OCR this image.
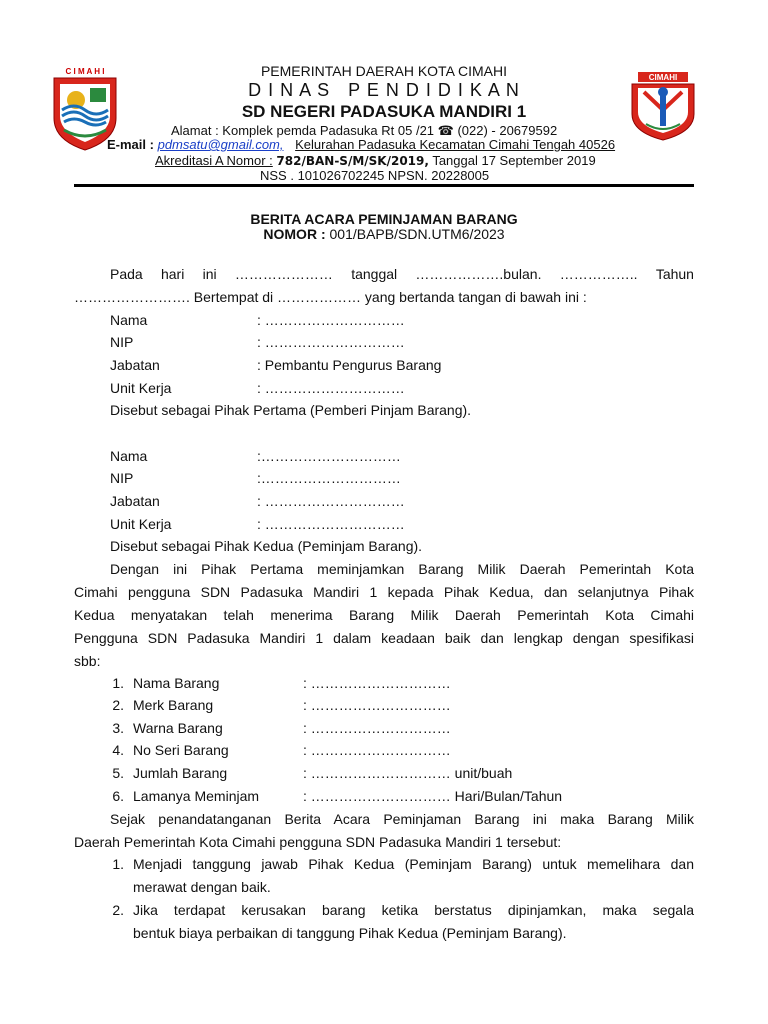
C I M A H I
CIMAHI
PEMERINTAH DAERAH KOTA CIMAHI
D I N A S   P E N D I D I K A N
SD NEGERI PADASUKA MANDIRI 1
Alamat : Komplek pemda Padasuka Rt 05 /21 ☎ (022) - 20679592
E-mail : pdmsatu@gmail.com, Kelurahan Padasuka Kecamatan Cimahi Tengah 40526
Akreditasi A Nomor : 782/BAN-S/M/SK/2019, Tanggal 17 September 2019
NSS . 101026702245 NPSN. 20228005
BERITA ACARA PEMINJAMAN BARANG
NOMOR : 001/BAPB/SDN.UTM6/2023
Pada hari ini ………………… tanggal ……………….bulan. …………….. Tahun
……………………. Bertempat di ……………… yang bertanda tangan di bawah ini :
Nama	: …………………………
NIP	: …………………………
Jabatan	: Pembantu Pengurus Barang
Unit Kerja	: …………………………
Disebut sebagai Pihak Pertama (Pemberi Pinjam Barang).
Nama	:…………………………
NIP	:…………………………
Jabatan	: …………………………
Unit Kerja	: …………………………
Disebut sebagai Pihak Kedua (Peminjam Barang).
Dengan ini Pihak Pertama meminjamkan Barang Milik Daerah Pemerintah Kota
Cimahi pengguna SDN Padasuka Mandiri 1 kepada Pihak Kedua, dan selanjutnya Pihak
Kedua menyatakan telah menerima Barang Milik Daerah Pemerintah Kota Cimahi
Pengguna SDN Padasuka Mandiri 1 dalam keadaan baik dan lengkap dengan spesifikasi
sbb:
1. Nama Barang	: …………………………
2. Merk Barang	: …………………………
3. Warna Barang	: …………………………
4. No Seri Barang	: …………………………
5. Jumlah Barang	: ………………………… unit/buah
6. Lamanya Meminjam	: ………………………… Hari/Bulan/Tahun
Sejak penandatanganan Berita Acara Peminjaman Barang ini maka Barang Milik
Daerah Pemerintah Kota Cimahi pengguna SDN Padasuka Mandiri 1 tersebut:
1. Menjadi tanggung jawab Pihak Kedua (Peminjam Barang) untuk memelihara dan
merawat dengan baik.
2. Jika terdapat kerusakan barang ketika berstatus dipinjamkan, maka segala
bentuk biaya perbaikan di tanggung Pihak Kedua (Peminjam Barang).
